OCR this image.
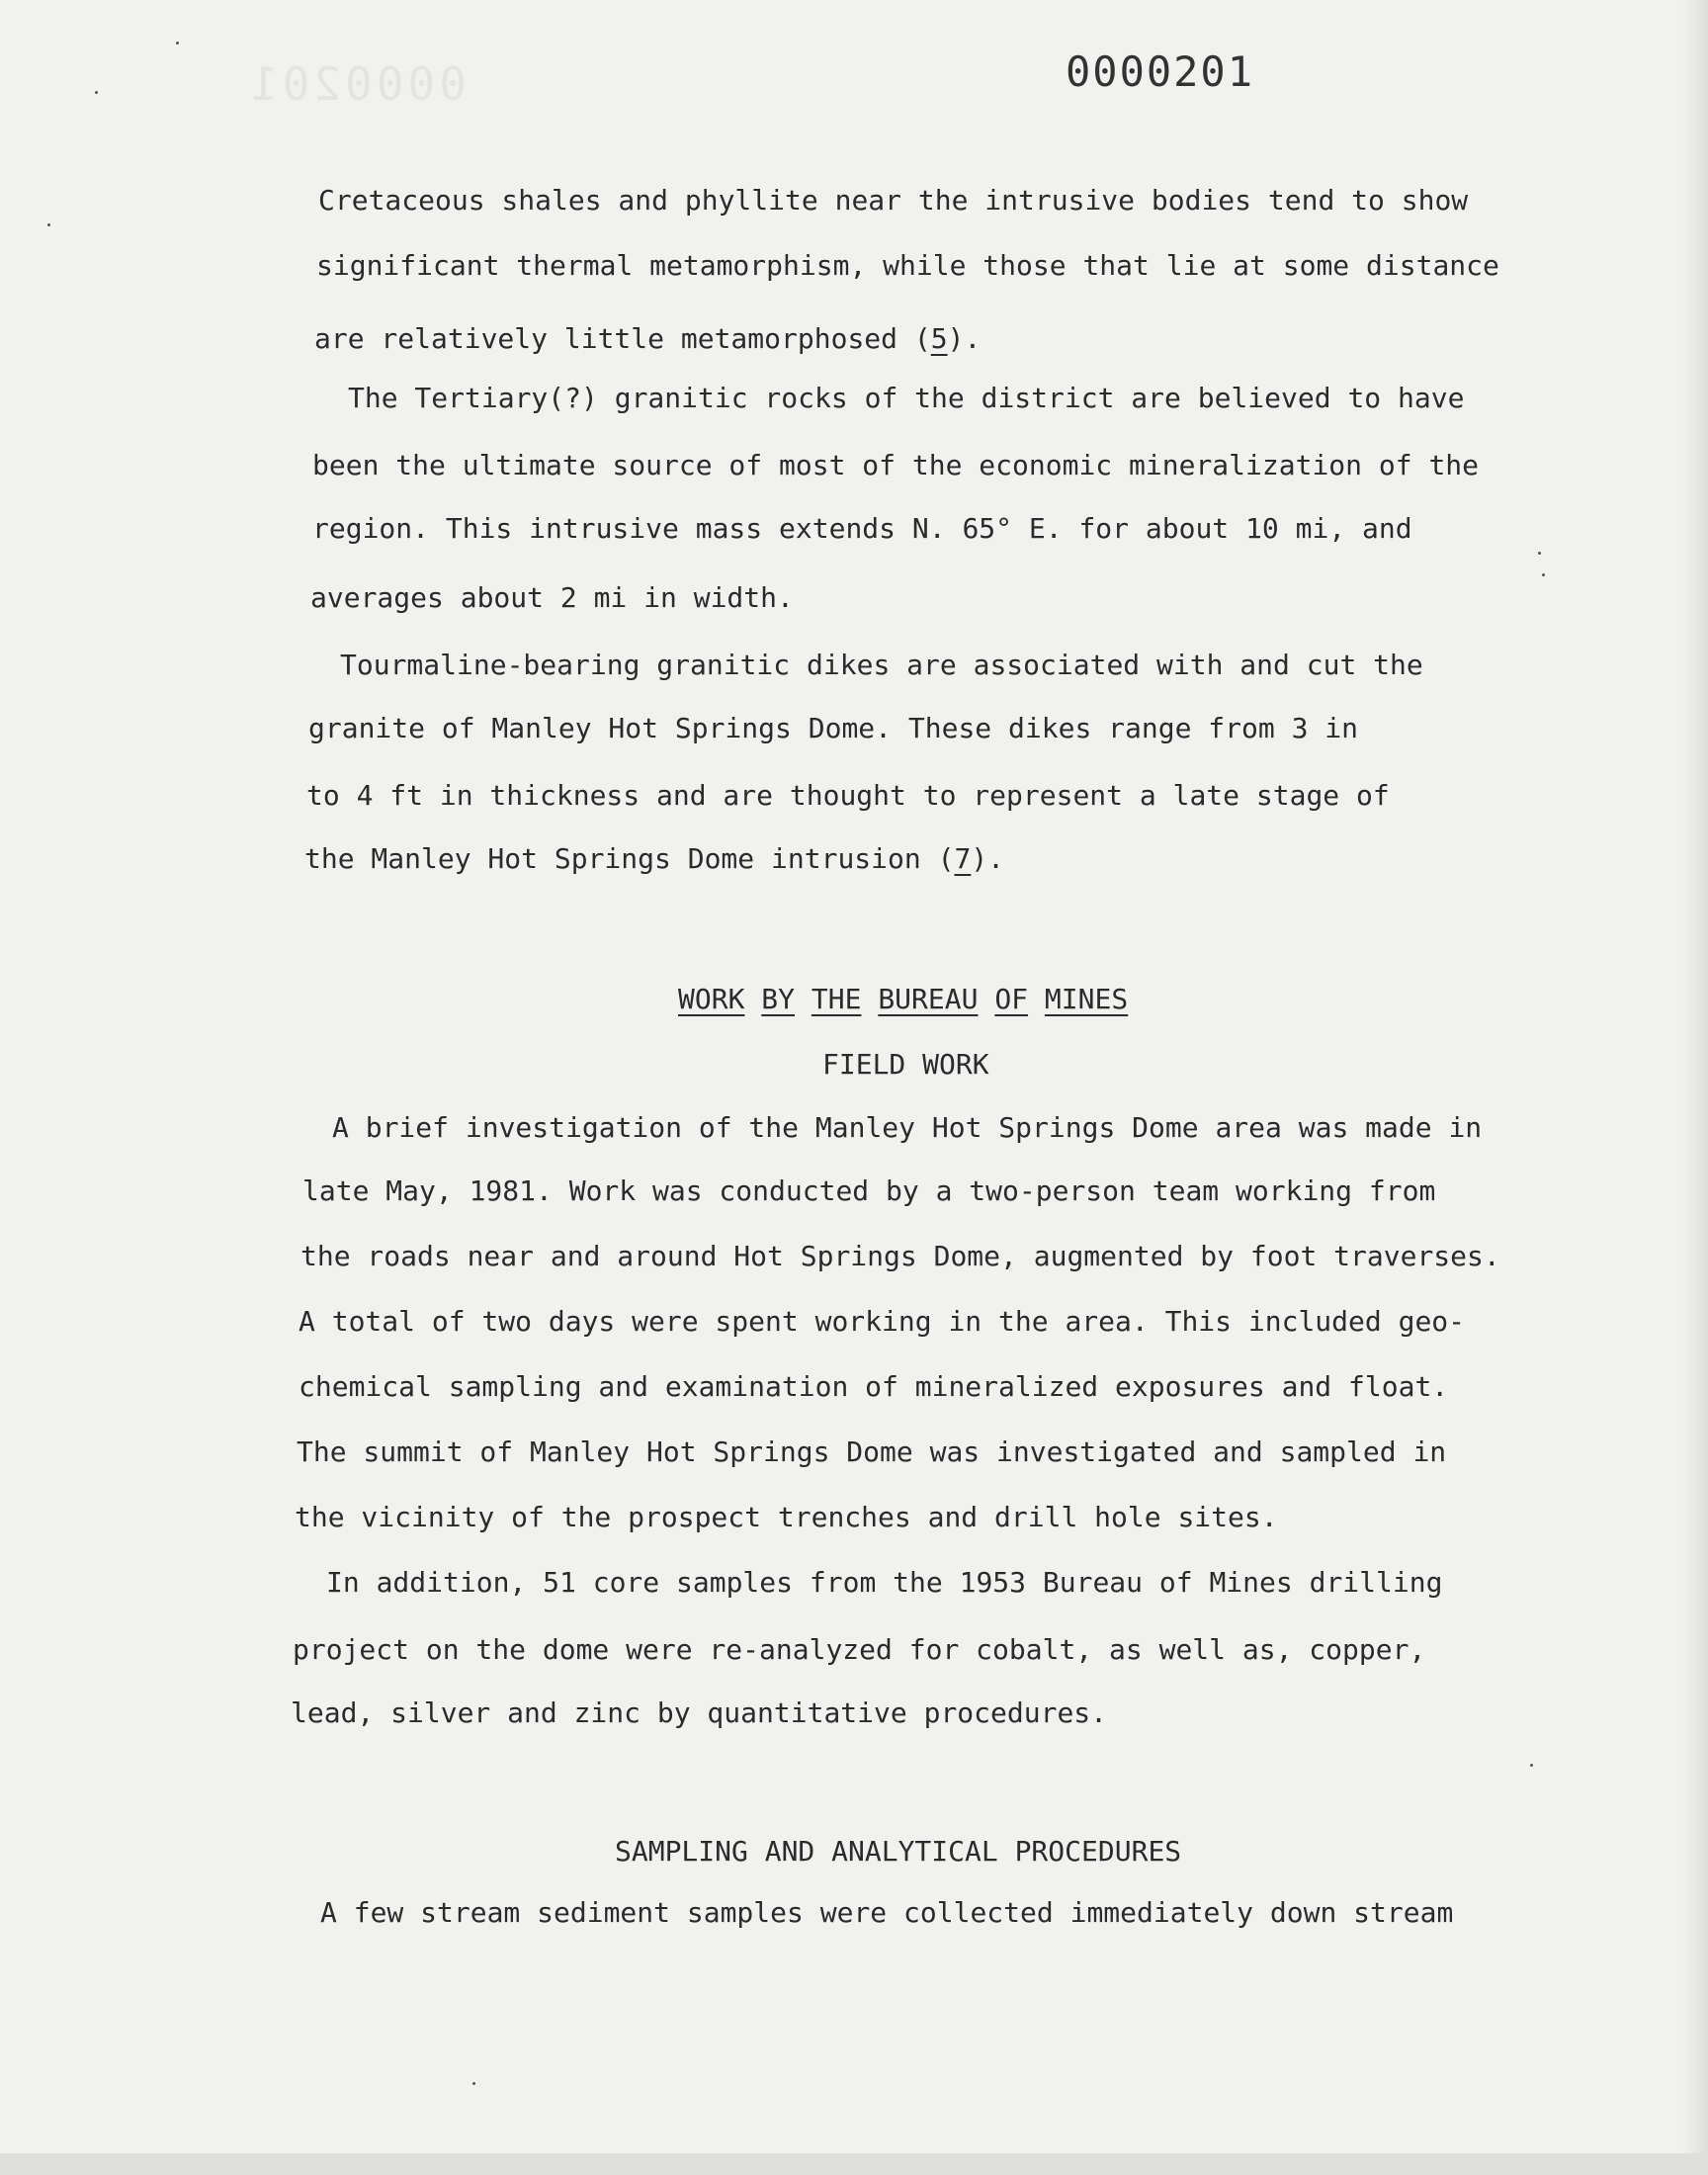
0000201	0000201
Cretaceous shales and phyllite near the intrusive bodies tend to show
significant thermal metamorphism, while those that lie at some distance
are relatively little metamorphosed (5).
The Tertiary(?) granitic rocks of the district are believed to have
been the ultimate source of most of the economic mineralization of the
region. This intrusive mass extends N. 65° E. for about 10 mi, and
averages about 2 mi in width.
Tourmaline-bearing granitic dikes are associated with and cut the
granite of Manley Hot Springs Dome. These dikes range from 3 in
to 4 ft in thickness and are thought to represent a late stage of
the Manley Hot Springs Dome intrusion (7).
WORK BY THE BUREAU OF MINES
FIELD WORK
A brief investigation of the Manley Hot Springs Dome area was made in
late May, 1981. Work was conducted by a two-person team working from
the roads near and around Hot Springs Dome, augmented by foot traverses.
A total of two days were spent working in the area. This included geo-
chemical sampling and examination of mineralized exposures and float.
The summit of Manley Hot Springs Dome was investigated and sampled in
the vicinity of the prospect trenches and drill hole sites.
In addition, 51 core samples from the 1953 Bureau of Mines drilling
project on the dome were re-analyzed for cobalt, as well as, copper,
lead, silver and zinc by quantitative procedures.
SAMPLING AND ANALYTICAL PROCEDURES
A few stream sediment samples were collected immediately down stream
